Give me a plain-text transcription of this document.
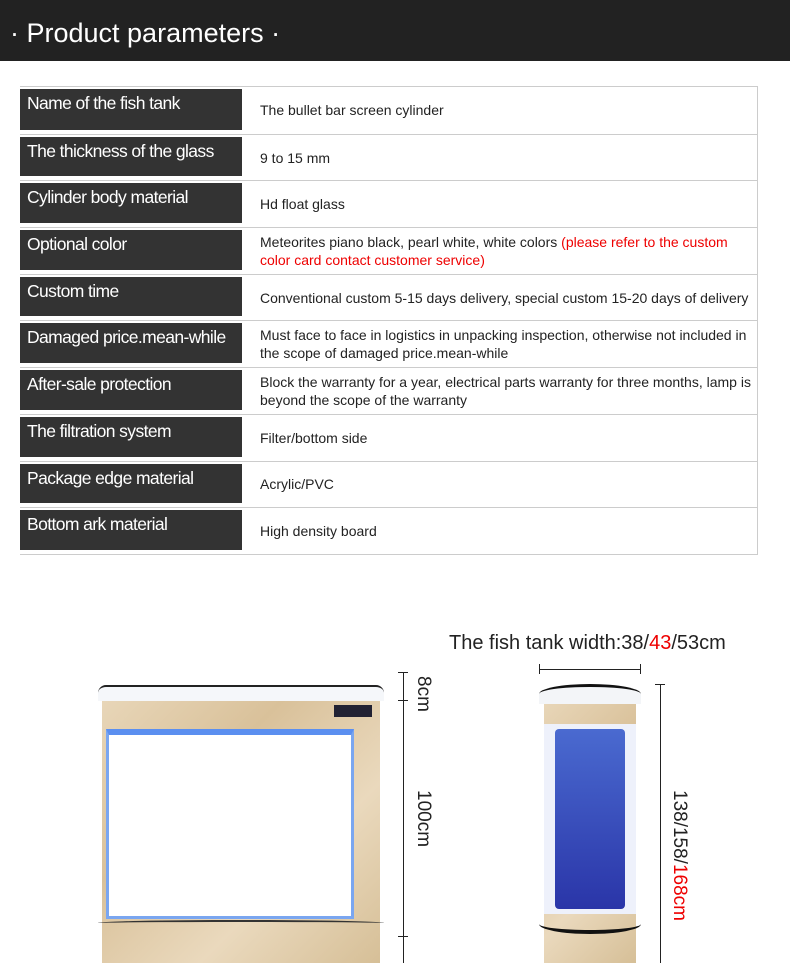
· Product parameters ·
Name of the fish tank	The bullet bar screen cylinder
The thickness of the glass	9 to 15 mm
Cylinder body material	Hd float glass
Optional color	Meteorites piano black, pearl white, white colors (please refer to the custom color card contact customer service)
Custom time	Conventional custom 5-15 days delivery, special custom 15-20 days of delivery
Damaged price.mean-while	Must face to face in logistics in unpacking inspection, otherwise not included in the scope of damaged price.mean-while
After-sale protection	Block the warranty for a year, electrical parts warranty for three months, lamp is beyond the scope of the warranty
The filtration system	Filter/bottom side
Package edge material	Acrylic/PVC
Bottom ark material	High density board
8cm
100cm
The fish tank width:38/43/53cm
138/158/168cm
